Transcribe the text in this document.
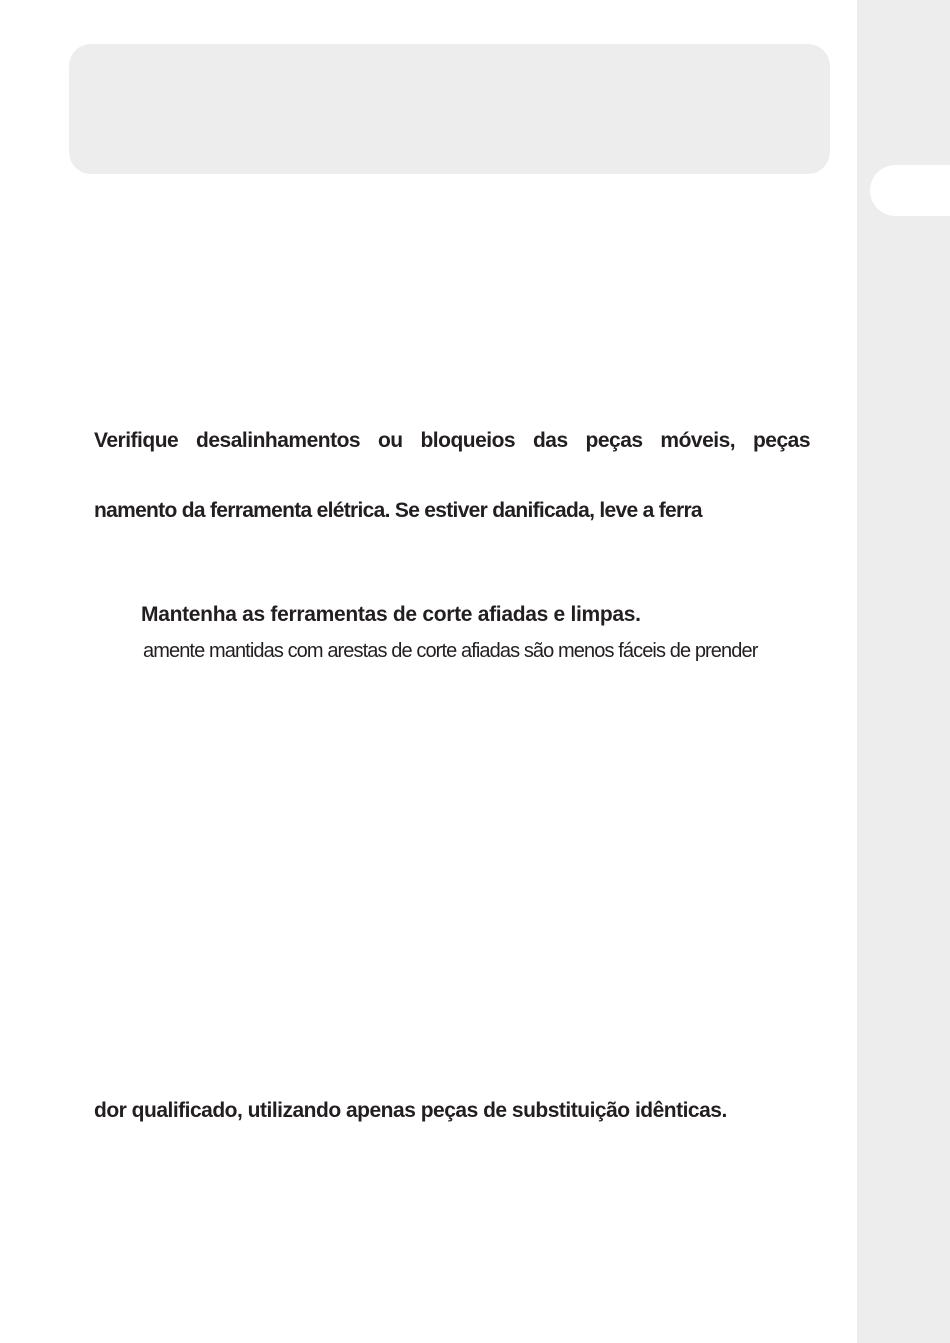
Verifique desalinhamentos ou bloqueios das peças móveis, peças
namento da ferramenta elétrica. Se estiver danificada, leve a ferra
Mantenha as ferramentas de corte afiadas e limpas.
amente mantidas com arestas de corte afiadas são menos fáceis de prender
dor qualificado, utilizando apenas peças de substituição idênticas.
